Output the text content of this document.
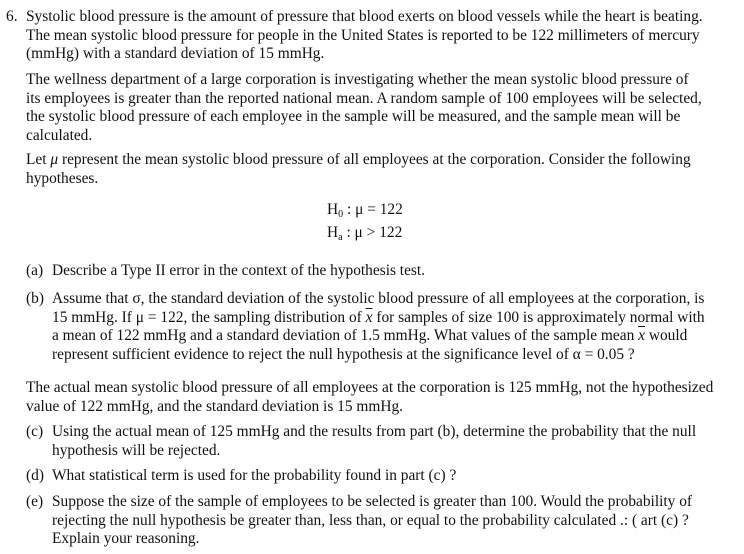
6. Systolic blood pressure is the amount of pressure that blood exerts on blood vessels while the heart is beating.
The mean systolic blood pressure for people in the United States is reported to be 122 millimeters of mercury
(mmHg) with a standard deviation of 15 mmHg.
The wellness department of a large corporation is investigating whether the mean systolic blood pressure of
its employees is greater than the reported national mean. A random sample of 100 employees will be selected,
the systolic blood pressure of each employee in the sample will be measured, and the sample mean will be
calculated.
Let μ represent the mean systolic blood pressure of all employees at the corporation. Consider the following
hypotheses.
$H_0$ : μ = 122
$H_a$ : μ > 122
(a) Describe a Type II error in the context of the hypothesis test.
(b) Assume that σ, the standard deviation of the systolic blood pressure of all employees at the corporation, is
15 mmHg. If μ = 122, the sampling distribution of $\overline{x}$ for samples of size 100 is approximately normal with
a mean of 122 mmHg and a standard deviation of 1.5 mmHg. What values of the sample mean $\overline{x}$ would
represent sufficient evidence to reject the null hypothesis at the significance level of α = 0.05 ?
The actual mean systolic blood pressure of all employees at the corporation is 125 mmHg, not the hypothesized
value of 122 mmHg, and the standard deviation is 15 mmHg.
(c) Using the actual mean of 125 mmHg and the results from part (b), determine the probability that the null
hypothesis will be rejected.
(d) What statistical term is used for the probability found in part (c) ?
(e) Suppose the size of the sample of employees to be selected is greater than 100. Would the probability of
rejecting the null hypothesis be greater than, less than, or equal to the probability calculated .: ( art (c) ?
Explain your reasoning.
